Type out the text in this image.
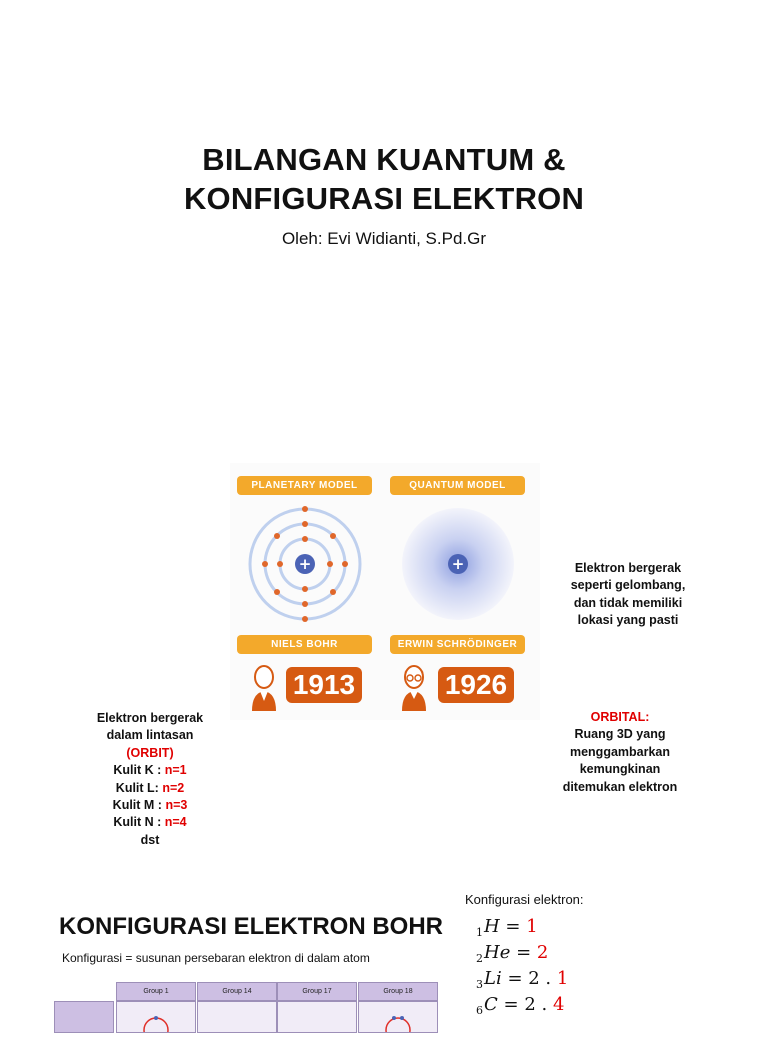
BILANGAN KUANTUM &
KONFIGURASI ELEKTRON
Oleh: Evi Widianti, S.Pd.Gr
PLANETARY MODEL	QUANTUM MODEL
+	+
NIELS BOHR	ERWIN SCHRÖDINGER
1913	1926
Elektron bergerak
seperti gelombang,
dan tidak memiliki
lokasi yang pasti
Elektron bergerak
dalam lintasan
(ORBIT)
Kulit K : n=1
Kulit L: n=2
Kulit M : n=3
Kulit N : n=4
dst
ORBITAL:
Ruang 3D yang
menggambarkan
kemungkinan
ditemukan elektron
KONFIGURASI ELEKTRON BOHR
Konfigurasi = susunan persebaran elektron di dalam atom
Konfigurasi elektron:
$_1$H = 1
$_2$He = 2
$_3$Li = 2 . 1
$_6$C = 2 . 4
Group 1	Group 14	Group 17	Group 18
